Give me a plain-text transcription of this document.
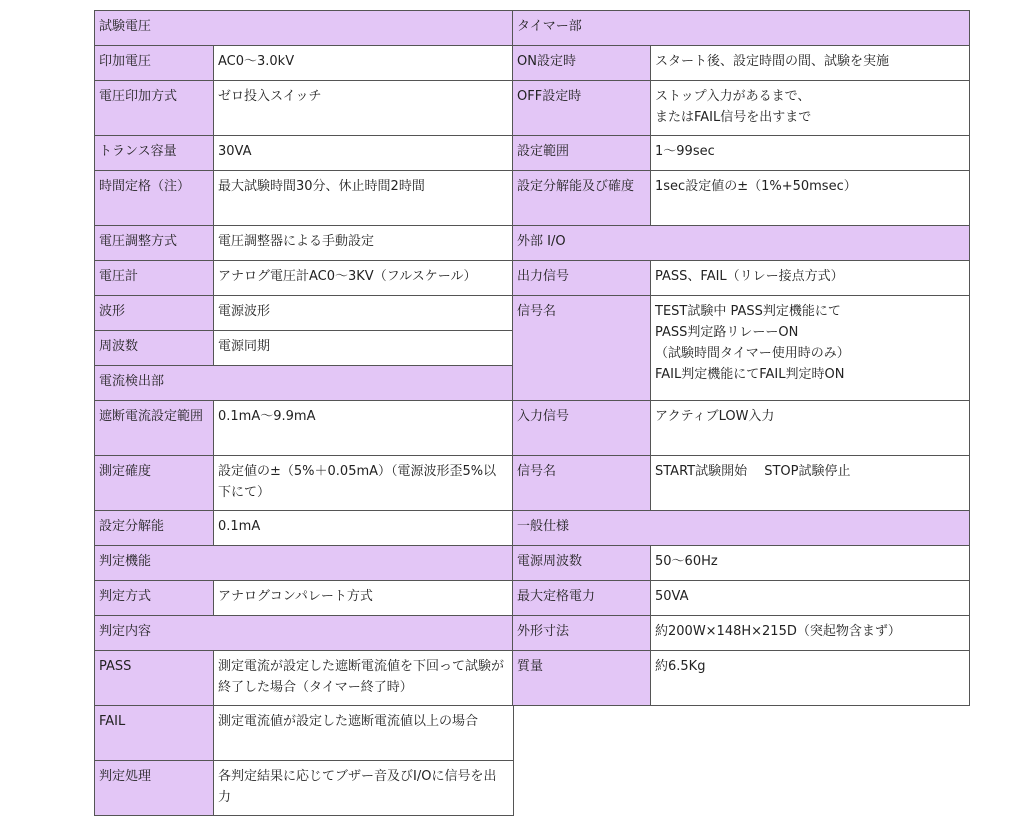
試験電圧	
印加電圧	AC0～3.0kV
電圧印加方式	ゼロ投入スイッチ
トランス容量	30VA
時間定格（注）	最大試験時間30分、休止時間2時間
電圧調整方式	電圧調整器による手動設定
電圧計	アナログ電圧計AC0～3KV（フルスケール）
波形	電源波形
周波数	電源同期
電流検出部	
遮断電流設定範囲	0.1mA～9.9mA
測定確度	設定値の±（5%＋0.05mA）（電源波形歪5%以下にて）
設定分解能	0.1mA
判定機能	
判定方式	アナログコンパレート方式
判定内容	
PASS	測定電流が設定した遮断電流値を下回って試験が 終了した場合（タイマー終了時）
FAIL	測定電流値が設定した遮断電流値以上の場合
判定処理	各判定結果に応じてブザー音及びI/Oに信号を出力
タイマー部	
ON設定時	スタート後、設定時間の間、試験を実施
OFF設定時	ストップ入力があるまで、
またはFAIL信号を出すまで

設定範囲	1～99sec
設定分解能及び確度	1sec設定値の±（1%+50msec）
外部 I/O	
出力信号	PASS、FAIL（リレー接点方式）
信号名	TEST試験中 PASS判定機能にて
PASS判定路リレーーON
（試験時間タイマー使用時のみ）
FAIL判定機能にてFAIL判定時ON

入力信号	アクティブLOW入力
信号名	START試験開始　 STOP試験停止
一般仕様	
電源周波数	50～60Hz
最大定格電力	50VA
外形寸法	約200W×148H×215D（突起物含まず）
質量	約6.5Kg
